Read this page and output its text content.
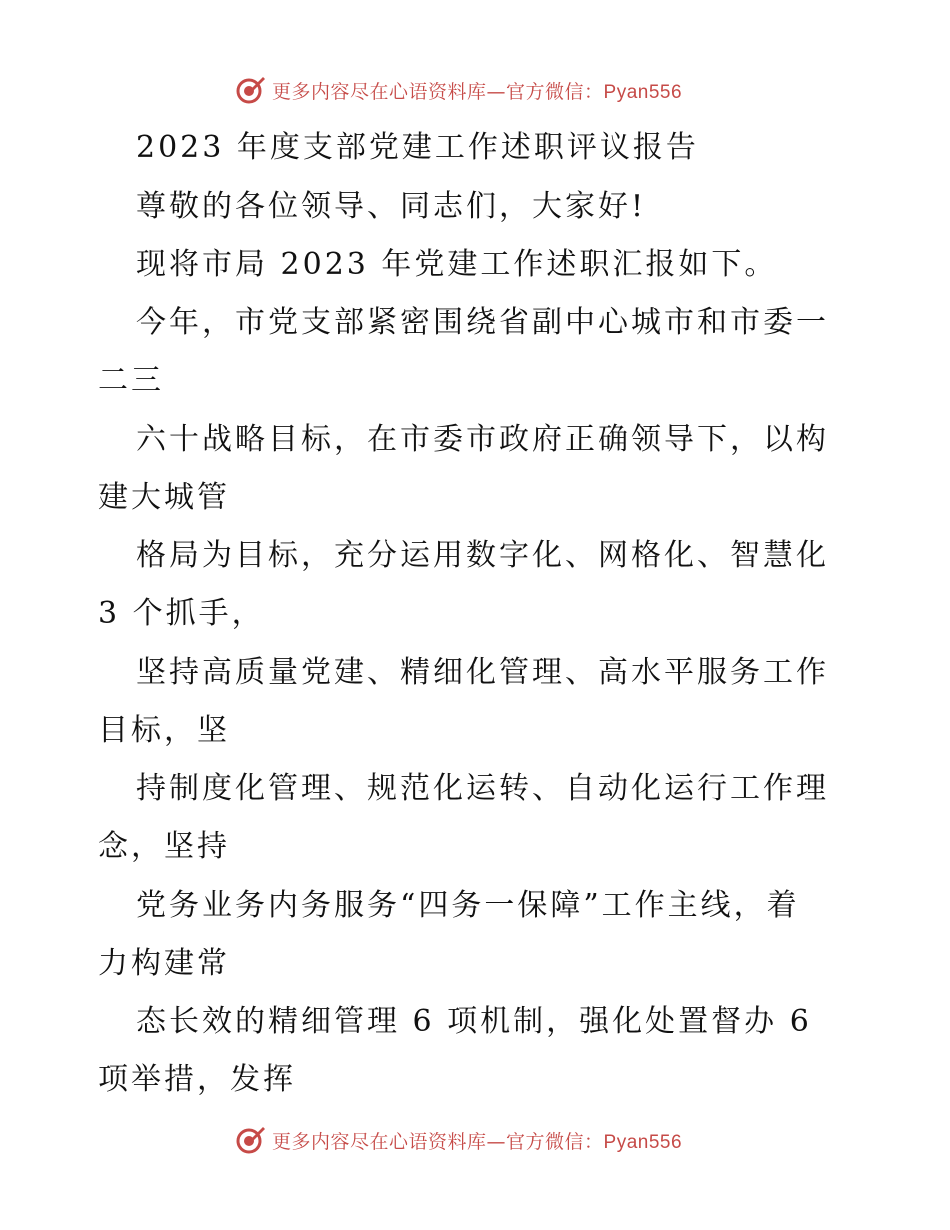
更多内容尽在心语资料库—官方微信：Pyan556

2023 年度支部党建工作述职评议报告

尊敬的各位领导、同志们，大家好!

现将市局 2023 年党建工作述职汇报如下。

今年，市党支部紧密围绕省副中心城市和市委一

二三

六十战略目标，在市委市政府正确领导下，以构

建大城管

格局为目标，充分运用数字化、网格化、智慧化

3 个抓手，

坚持高质量党建、精细化管理、高水平服务工作

目标，坚

持制度化管理、规范化运转、自动化运行工作理

念，坚持

党务业务内务服务“四务一保障”工作主线，着

力构建常

态长效的精细管理 6 项机制，强化处置督办 6

项举措，发挥

更多内容尽在心语资料库—官方微信：Pyan556
